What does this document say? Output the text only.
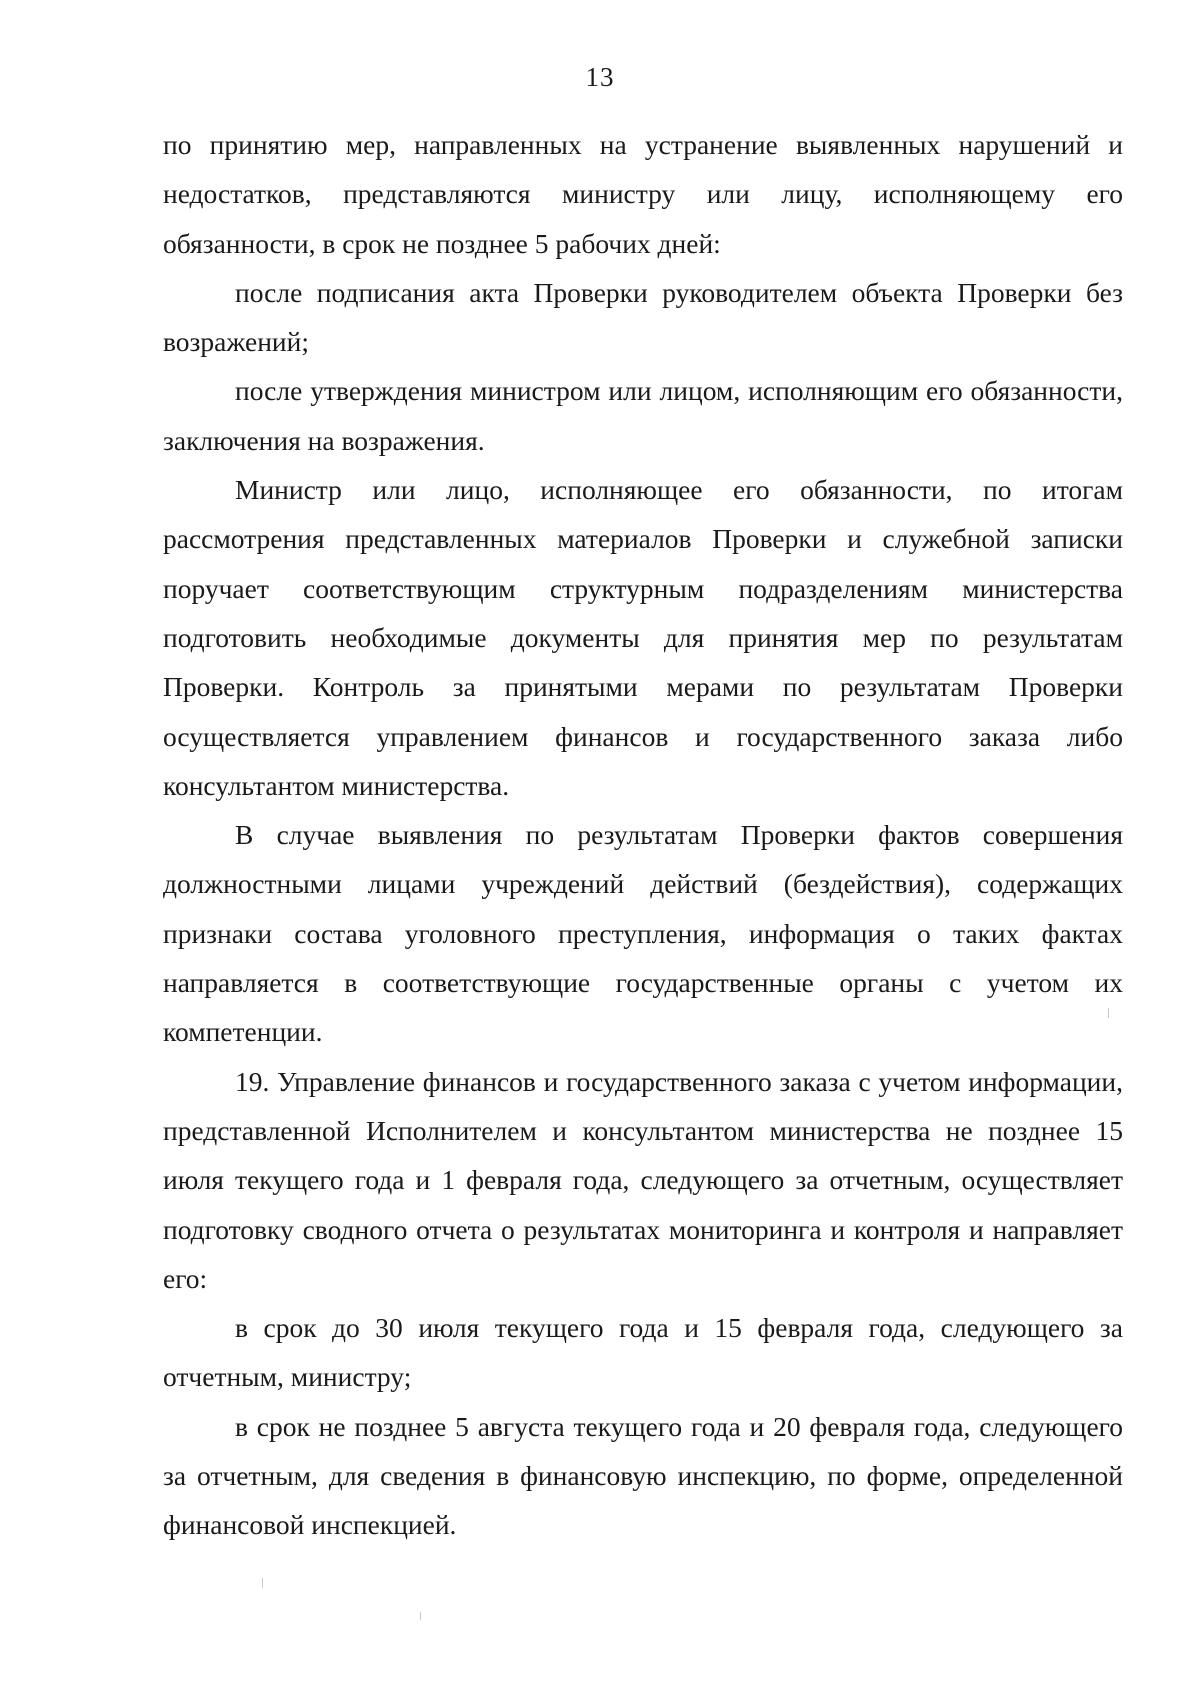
13

по принятию мер, направленных на устранение выявленных нарушений и недостатков, представляются министру или лицу, исполняющему его обязанности, в срок не позднее 5 рабочих дней:

после подписания акта Проверки руководителем объекта Проверки без возражений;

после утверждения министром или лицом, исполняющим его обязанности, заключения на возражения.

Министр или лицо, исполняющее его обязанности, по итогам рассмотрения представленных материалов Проверки и служебной записки поручает соответствующим структурным подразделениям министерства подготовить необходимые документы для принятия мер по результатам Проверки. Контроль за принятыми мерами по результатам Проверки осуществляется управлением финансов и государственного заказа либо консультантом министерства.

В случае выявления по результатам Проверки фактов совершения должностными лицами учреждений действий (бездействия), содержащих признаки состава уголовного преступления, информация о таких фактах направляется в соответствующие государственные органы с учетом их компетенции.

19. Управление финансов и государственного заказа с учетом информации, представленной Исполнителем и консультантом министерства не позднее 15 июля текущего года и 1 февраля года, следующего за отчетным, осуществляет подготовку сводного отчета о результатах мониторинга и контроля и направляет его:

в срок до 30 июля текущего года и 15 февраля года, следующего за отчетным, министру;

в срок не позднее 5 августа текущего года и 20 февраля года, следующего за отчетным, для сведения в финансовую инспекцию, по форме, определенной финансовой инспекцией.
